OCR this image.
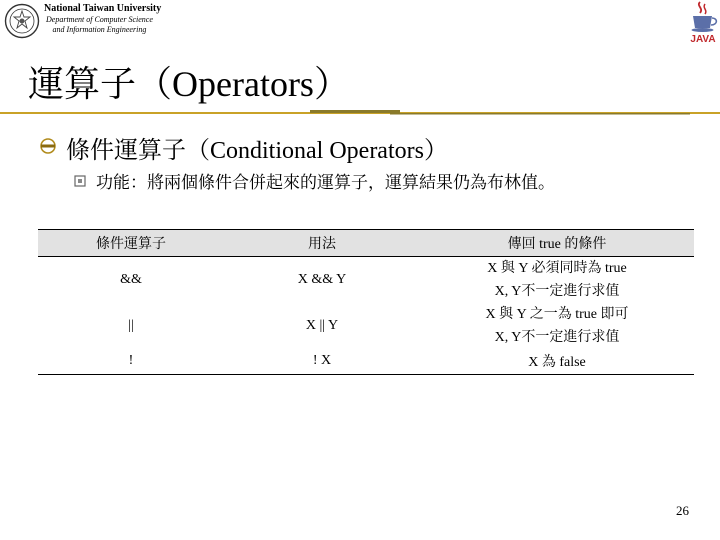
National Taiwan University
Department of Computer Science
and Information Engineering
JAVA
運算子（Operators）
條件運算子（Conditional Operators）
功能：將兩個條件合併起來的運算子，運算結果仍為布林值。
條件運算子	用法	傳回 true 的條件
&&	X && Y	X 與 Y 必須同時為 true
X, Y不一定進行求值

||	X || Y	X 與 Y 之一為 true 即可
X, Y不一定進行求值

!	! X	X 為 false
26
